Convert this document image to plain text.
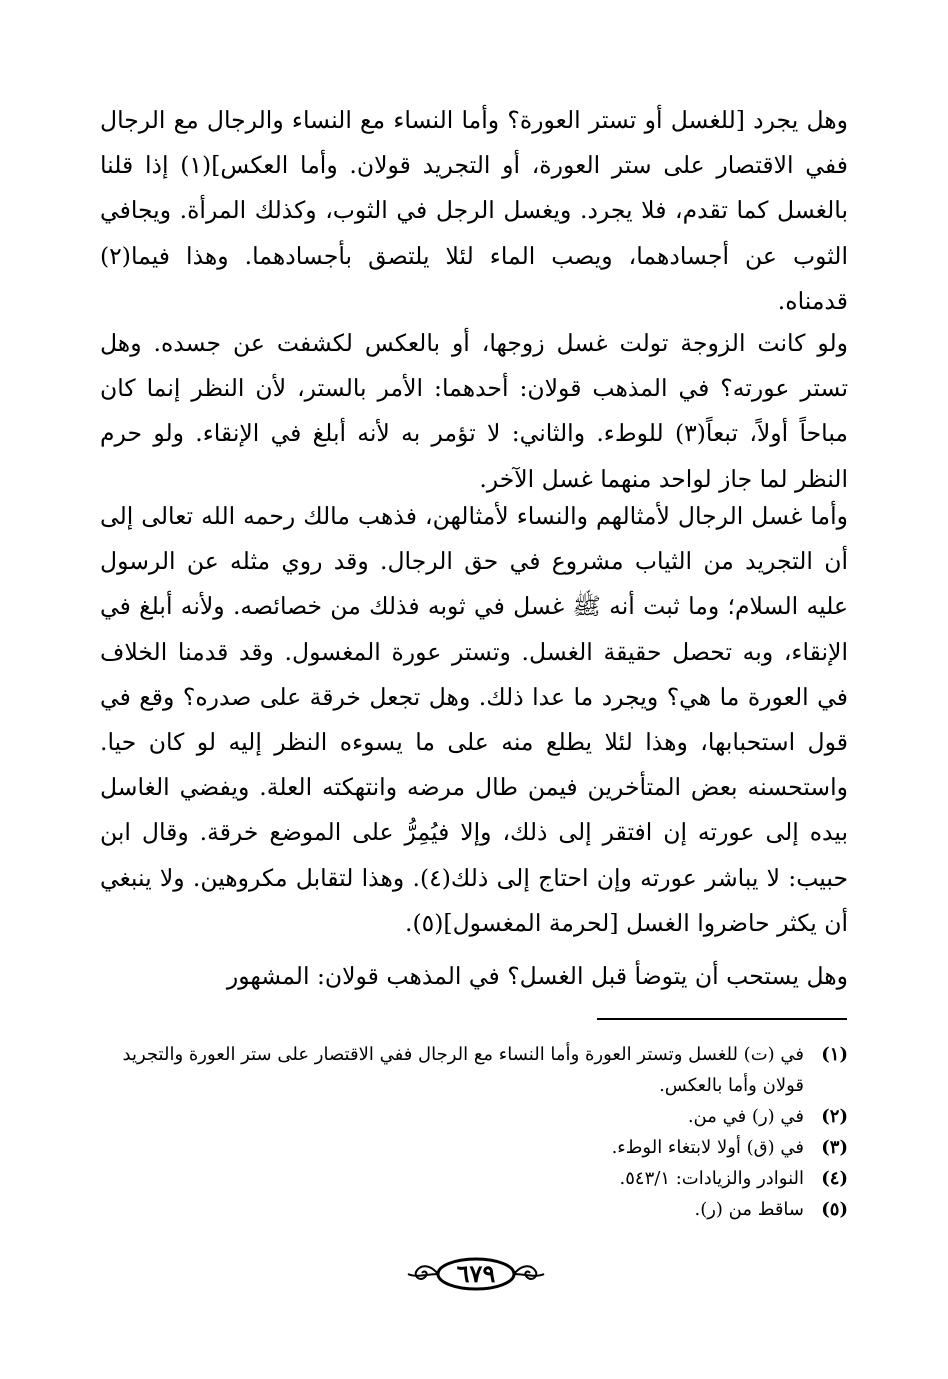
وهل يجرد [للغسل أو تستر العورة؟ وأما النساء مع النساء والرجال مع الرجال ففي الاقتصار على ستر العورة، أو التجريد قولان. وأما العكس](١) إذا قلنا بالغسل كما تقدم، فلا يجرد. ويغسل الرجل في الثوب، وكذلك المرأة. ويجافي الثوب عن أجسادهما، ويصب الماء لئلا يلتصق بأجسادهما. وهذا فيما(٢) قدمناه.

ولو كانت الزوجة تولت غسل زوجها، أو بالعكس لكشفت عن جسده. وهل تستر عورته؟ في المذهب قولان: أحدهما: الأمر بالستر، لأن النظر إنما كان مباحاً أولاً، تبعاً(٣) للوطء. والثاني: لا تؤمر به لأنه أبلغ في الإنقاء. ولو حرم النظر لما جاز لواحد منهما غسل الآخر.

وأما غسل الرجال لأمثالهم والنساء لأمثالهن، فذهب مالك رحمه الله تعالى إلى أن التجريد من الثياب مشروع في حق الرجال. وقد روي مثله عن الرسول عليه السلام؛ وما ثبت أنه ﷺ غسل في ثوبه فذلك من خصائصه. ولأنه أبلغ في الإنقاء، وبه تحصل حقيقة الغسل. وتستر عورة المغسول. وقد قدمنا الخلاف في العورة ما هي؟ ويجرد ما عدا ذلك. وهل تجعل خرقة على صدره؟ وقع في قول استحبابها، وهذا لئلا يطلع منه على ما يسوءه النظر إليه لو كان حيا. واستحسنه بعض المتأخرين فيمن طال مرضه وانتهكته العلة. ويفضي الغاسل بيده إلى عورته إن افتقر إلى ذلك، وإلا فيُمِرُّ على الموضع خرقة. وقال ابن حبيب: لا يباشر عورته وإن احتاج إلى ذلك(٤). وهذا لتقابل مكروهين. ولا ينبغي أن يكثر حاضروا الغسل [لحرمة المغسول](٥).

وهل يستحب أن يتوضأ قبل الغسل؟ في المذهب قولان: المشهور

(١)
في (ت) للغسل وتستر العورة وأما النساء مع الرجال ففي الاقتصار على ستر العورة والتجريد قولان وأما بالعكس.
(٢)
في (ر) في من.
(٣)
في (ق) أولا لابتغاء الوطء.
(٤)
النوادر والزيادات: ٥٤٣/١.
(٥)
ساقط من (ر).
٦٧٩
